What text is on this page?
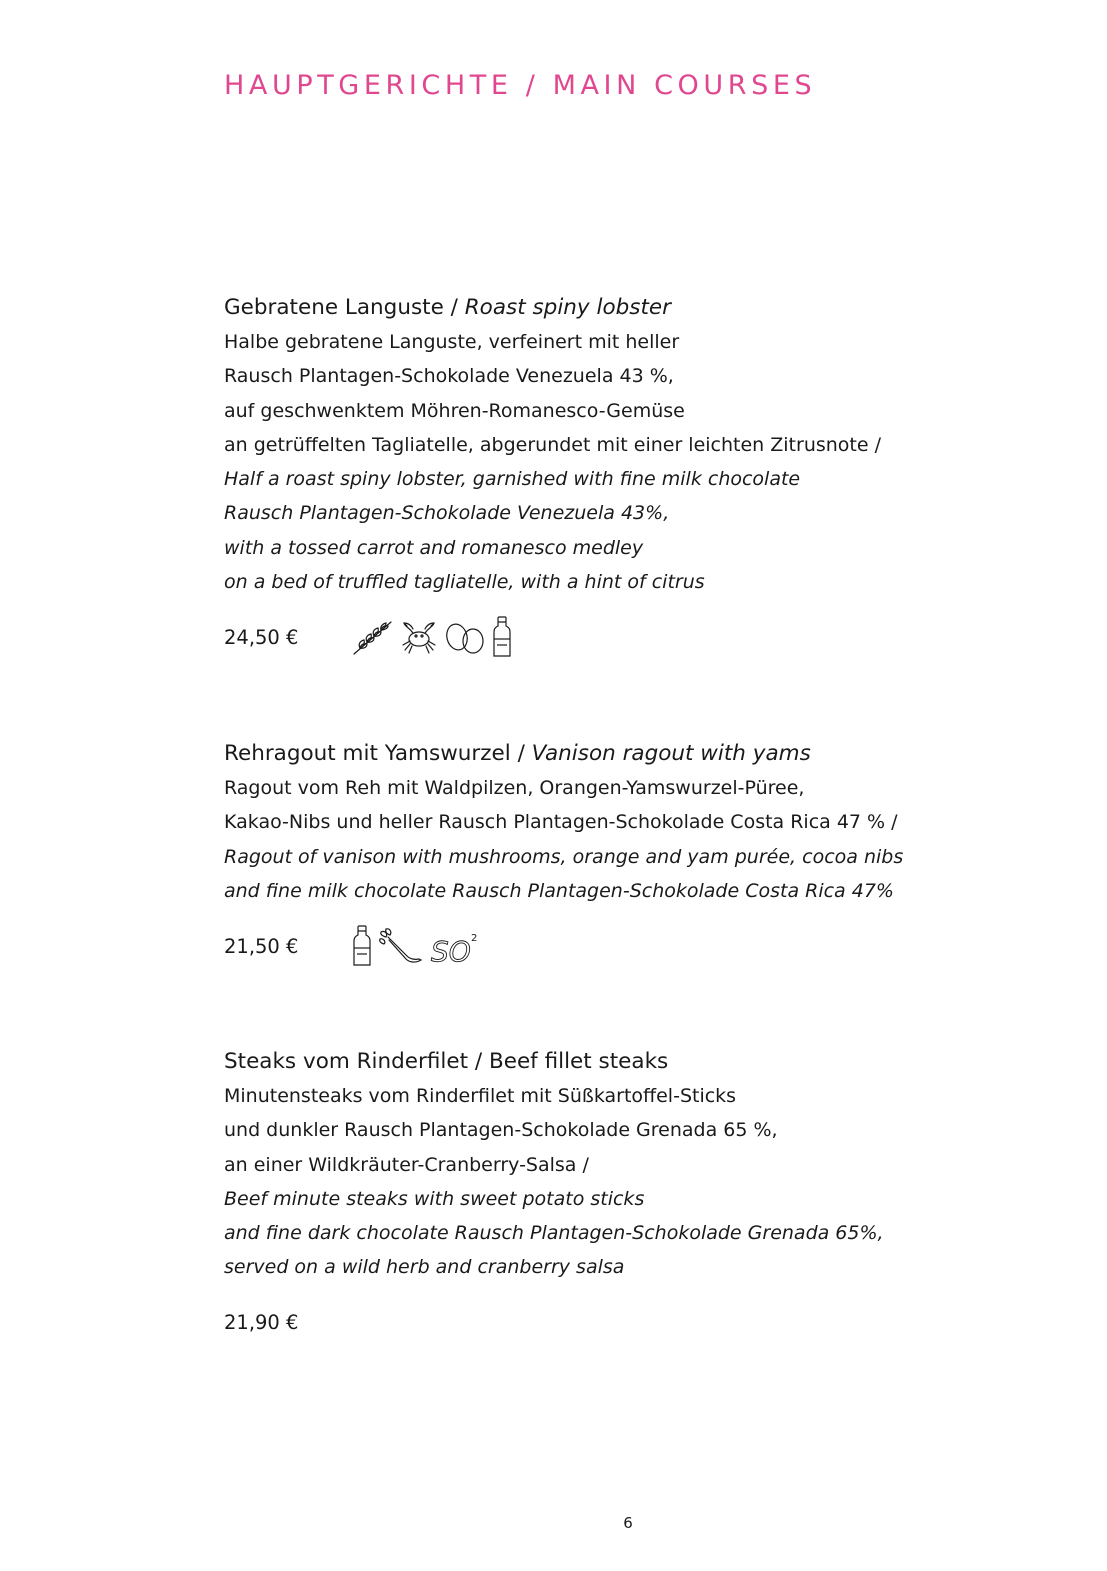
HAUPTGERICHTE / MAIN COURSES
Gebratene Languste / Roast spiny lobster
Halbe gebratene Languste, verfeinert mit heller
Rausch Plantagen-Schokolade Venezuela 43 %,
auf geschwenktem Möhren-Romanesco-Gemüse
an getrüffelten Tagliatelle, abgerundet mit einer leichten Zitrusnote /
Half a roast spiny lobster, garnished with fine milk chocolate
Rausch Plantagen-Schokolade Venezuela 43%,
with a tossed carrot and romanesco medley
on a bed of truffled tagliatelle, with a hint of citrus
24,50 €
Rehragout mit Yamswurzel / Vanison ragout with yams
Ragout vom Reh mit Waldpilzen, Orangen-Yamswurzel-Püree,
Kakao-Nibs und heller Rausch Plantagen-Schokolade Costa Rica 47 % /
Ragout of vanison with mushrooms, orange and yam purée, cocoa nibs
and fine milk chocolate Rausch Plantagen-Schokolade Costa Rica 47%
21,50 €	SO 2
Steaks vom Rinderfilet / Beef fillet steaks
Minutensteaks vom Rinderfilet mit Süßkartoffel-Sticks
und dunkler Rausch Plantagen-Schokolade Grenada 65 %,
an einer Wildkräuter-Cranberry-Salsa /
Beef minute steaks with sweet potato sticks
and fine dark chocolate Rausch Plantagen-Schokolade Grenada 65%,
served on a wild herb and cranberry salsa
21,90 €
6
